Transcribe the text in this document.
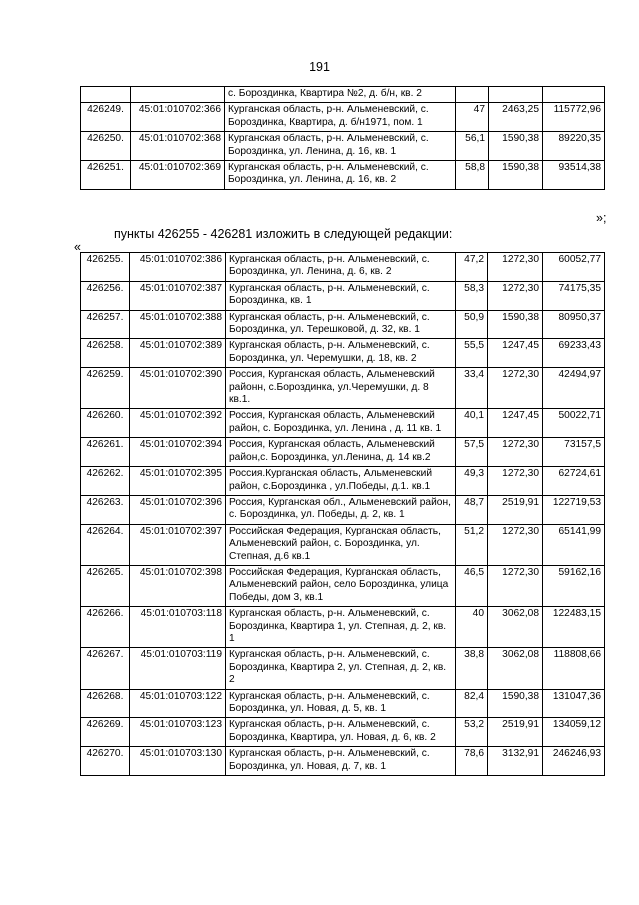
191
		с. Бороздинка, Квартира №2, д. б/н, кв. 2			
426249.	45:01:010702:366	Курганская область, р-н. Альменевский, с. Бороздинка, Квартира, д. б/н1971, пом. 1	47	2463,25	115772,96
426250.	45:01:010702:368	Курганская область, р-н. Альменевский, с. Бороздинка, ул. Ленина, д. 16, кв. 1	56,1	1590,38	89220,35
426251.	45:01:010702:369	Курганская область, р-н. Альменевский, с. Бороздинка, ул. Ленина, д. 16, кв. 2	58,8	1590,38	93514,38
»;
пункты 426255 - 426281 изложить в следующей редакции:
«
426255.	45:01:010702:386	Курганская область, р-н. Альменевский, с. Бороздинка, ул. Ленина, д. 6, кв. 2	47,2	1272,30	60052,77
426256.	45:01:010702:387	Курганская область, р-н. Альменевский, с. Бороздинка, кв. 1	58,3	1272,30	74175,35
426257.	45:01:010702:388	Курганская область, р-н. Альменевский, с. Бороздинка, ул. Терешковой, д. 32, кв. 1	50,9	1590,38	80950,37
426258.	45:01:010702:389	Курганская область, р-н. Альменевский, с. Бороздинка, ул. Черемушки, д. 18, кв. 2	55,5	1247,45	69233,43
426259.	45:01:010702:390	Россия, Курганская область, Альменевский районн, с.Бороздинка, ул.Черемушки, д. 8 кв.1.	33,4	1272,30	42494,97
426260.	45:01:010702:392	Россия, Курганская область, Альменевский район, с. Бороздинка, ул. Ленина , д. 11 кв. 1	40,1	1247,45	50022,71
426261.	45:01:010702:394	Россия, Курганская область, Альменевский район,с. Бороздинка, ул.Ленина, д. 14 кв.2	57,5	1272,30	73157,5
426262.	45:01:010702:395	Россия.Курганская область, Альменевский район, с.Бороздинка , ул.Победы, д.1. кв.1	49,3	1272,30	62724,61
426263.	45:01:010702:396	Россия, Курганская обл., Альменевский район, с. Бороздинка, ул. Победы, д. 2, кв. 1	48,7	2519,91	122719,53
426264.	45:01:010702:397	Российская Федерация, Курганская область, Альменевский район, с. Бороздинка, ул. Степная, д.6 кв.1	51,2	1272,30	65141,99
426265.	45:01:010702:398	Российская Федерация, Курганская область, Альменевский район, село Бороздинка, улица Победы, дом 3, кв.1	46,5	1272,30	59162,16
426266.	45:01:010703:118	Курганская область, р-н. Альменевский, с. Бороздинка, Квартира 1, ул. Степная, д. 2, кв. 1	40	3062,08	122483,15
426267.	45:01:010703:119	Курганская область, р-н. Альменевский, с. Бороздинка, Квартира 2, ул. Степная, д. 2, кв. 2	38,8	3062,08	118808,66
426268.	45:01:010703:122	Курганская область, р-н. Альменевский, с. Бороздинка, ул. Новая, д. 5, кв. 1	82,4	1590,38	131047,36
426269.	45:01:010703:123	Курганская область, р-н. Альменевский, с. Бороздинка, Квартира, ул. Новая, д. 6, кв. 2	53,2	2519,91	134059,12
426270.	45:01:010703:130	Курганская область, р-н. Альменевский, с. Бороздинка, ул. Новая, д. 7, кв. 1	78,6	3132,91	246246,93
